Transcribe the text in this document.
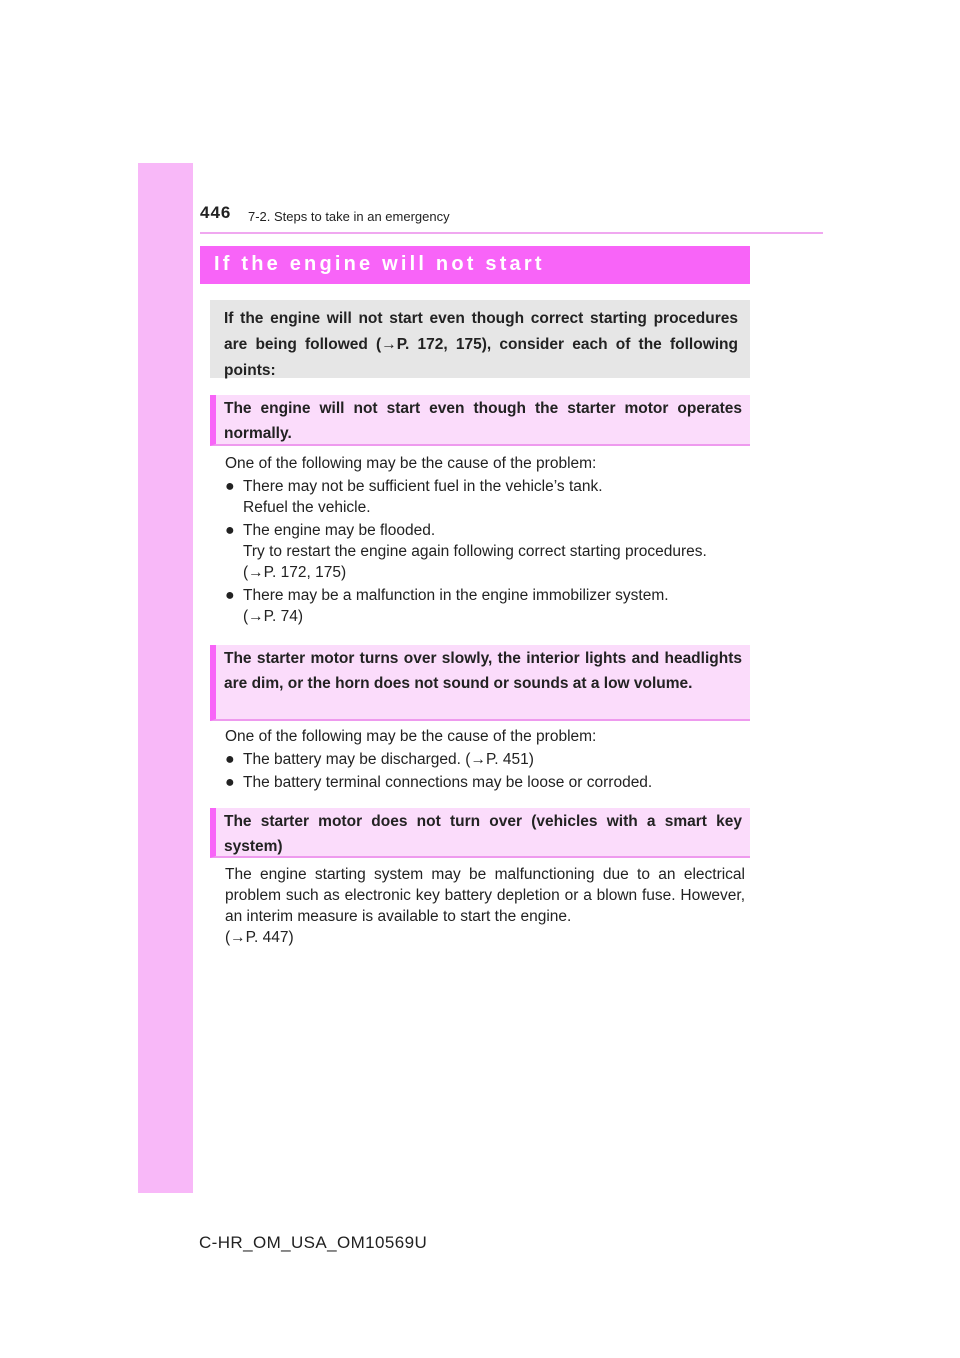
446 7-2. Steps to take in an emergency
If the engine will not start

If the engine will not start even though correct starting procedures are being followed (→P. 172, 175), consider each of the following points:

The engine will not start even though the starter motor operates normally.

One of the following may be the cause of the problem:

● There may not be sufficient fuel in the vehicle’s tank.

Refuel the vehicle.

● The engine may be flooded.

Try to restart the engine again following correct starting procedures.

(→P. 172, 175)

● There may be a malfunction in the engine immobilizer system.

(→P. 74)

The starter motor turns over slowly, the interior lights and headlights are dim, or the horn does not sound or sounds at a low volume.

One of the following may be the cause of the problem:

● The battery may be discharged. (→P. 451)

● The battery terminal connections may be loose or corroded.

The starter motor does not turn over (vehicles with a smart key system)

The engine starting system may be malfunctioning due to an electrical problem such as electronic key battery depletion or a blown fuse. However, an interim measure is available to start the engine.

(→P. 447)

C-HR_OM_USA_OM10569U
